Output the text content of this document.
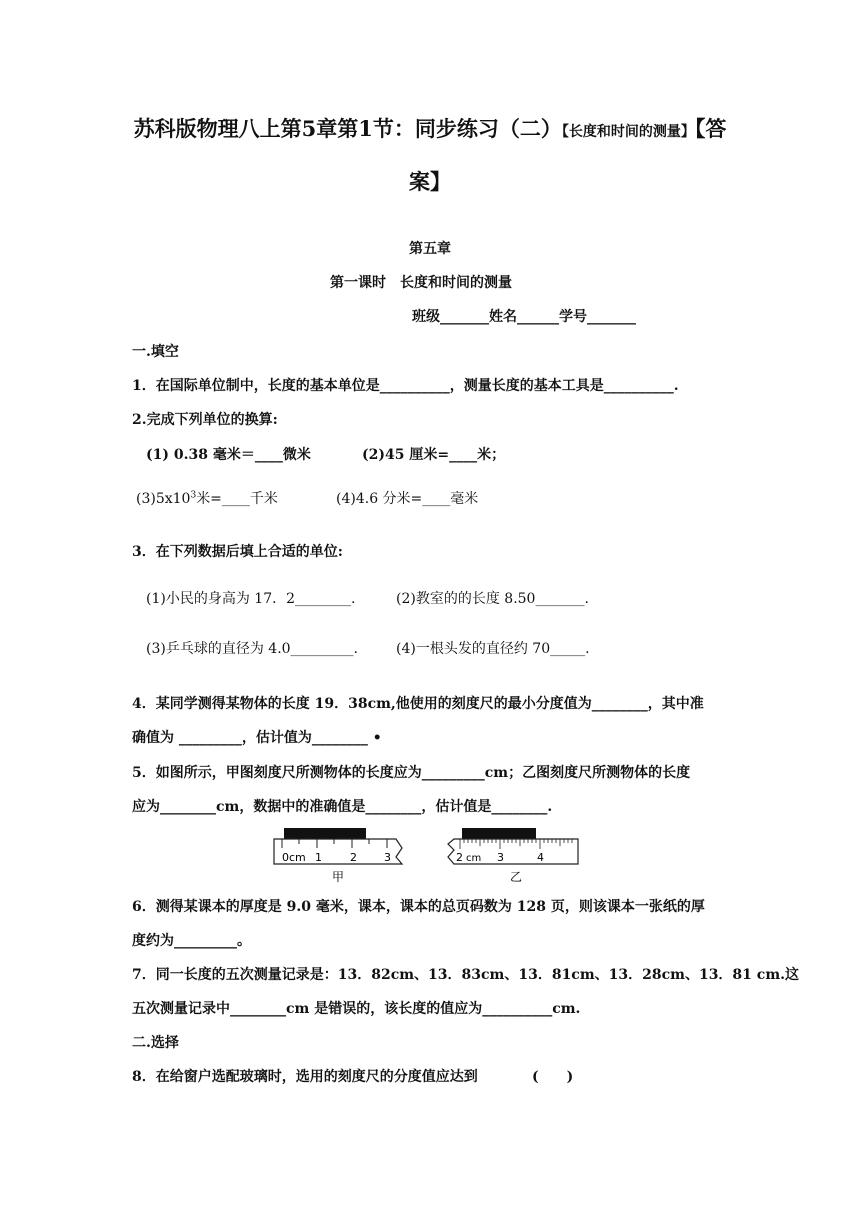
苏科版物理八上第5章第1节：同步练习（二）【长度和时间的测量】【答
案】
第五章
第一课时　长度和时间的测量
班级_______姓名______学号_______
一.填空
1．在国际单位制中，长度的基本单位是__________，测量长度的基本工具是__________.
2.完成下列单位的换算:
(1) 0.38 毫米＝____微米	(2)45 厘米=____米；
$(3)5x10^3$米=____千米	(4)4.6 分米=____毫米
3．在下列数据后填上合适的单位:
(1)小民的身高为 17．2________.	(2)教室的的长度 8.50_______.
(3)乒乓球的直径为 4.0_________.	(4)一根头发的直径约 70_____.
4．某同学测得某物体的长度 19．38cm,他使用的刻度尺的最小分度值为________，其中准
确值为 _________，估计值为________ •
5．如图所示，甲图刻度尺所测物体的长度应为_________cm；乙图刻度尺所测物体的长度
应为________cm，数据中的准确值是________，估计值是________.
0cm 1	2 3
甲
2 cm 3	4
乙
6．测得某课本的厚度是 9.0 毫米，课本，课本的总页码数为 128 页，则该课本一张纸的厚
度约为_________。
7．同一长度的五次测量记录是：13．82cm、13．83cm、13．81cm、13．28cm、13．81 cm.这
五次测量记录中________cm 是错误的，该长度的值应为__________cm.
二.选择
8．在给窗户选配玻璃时，选用的刻度尺的分度值应达到	(　　)
